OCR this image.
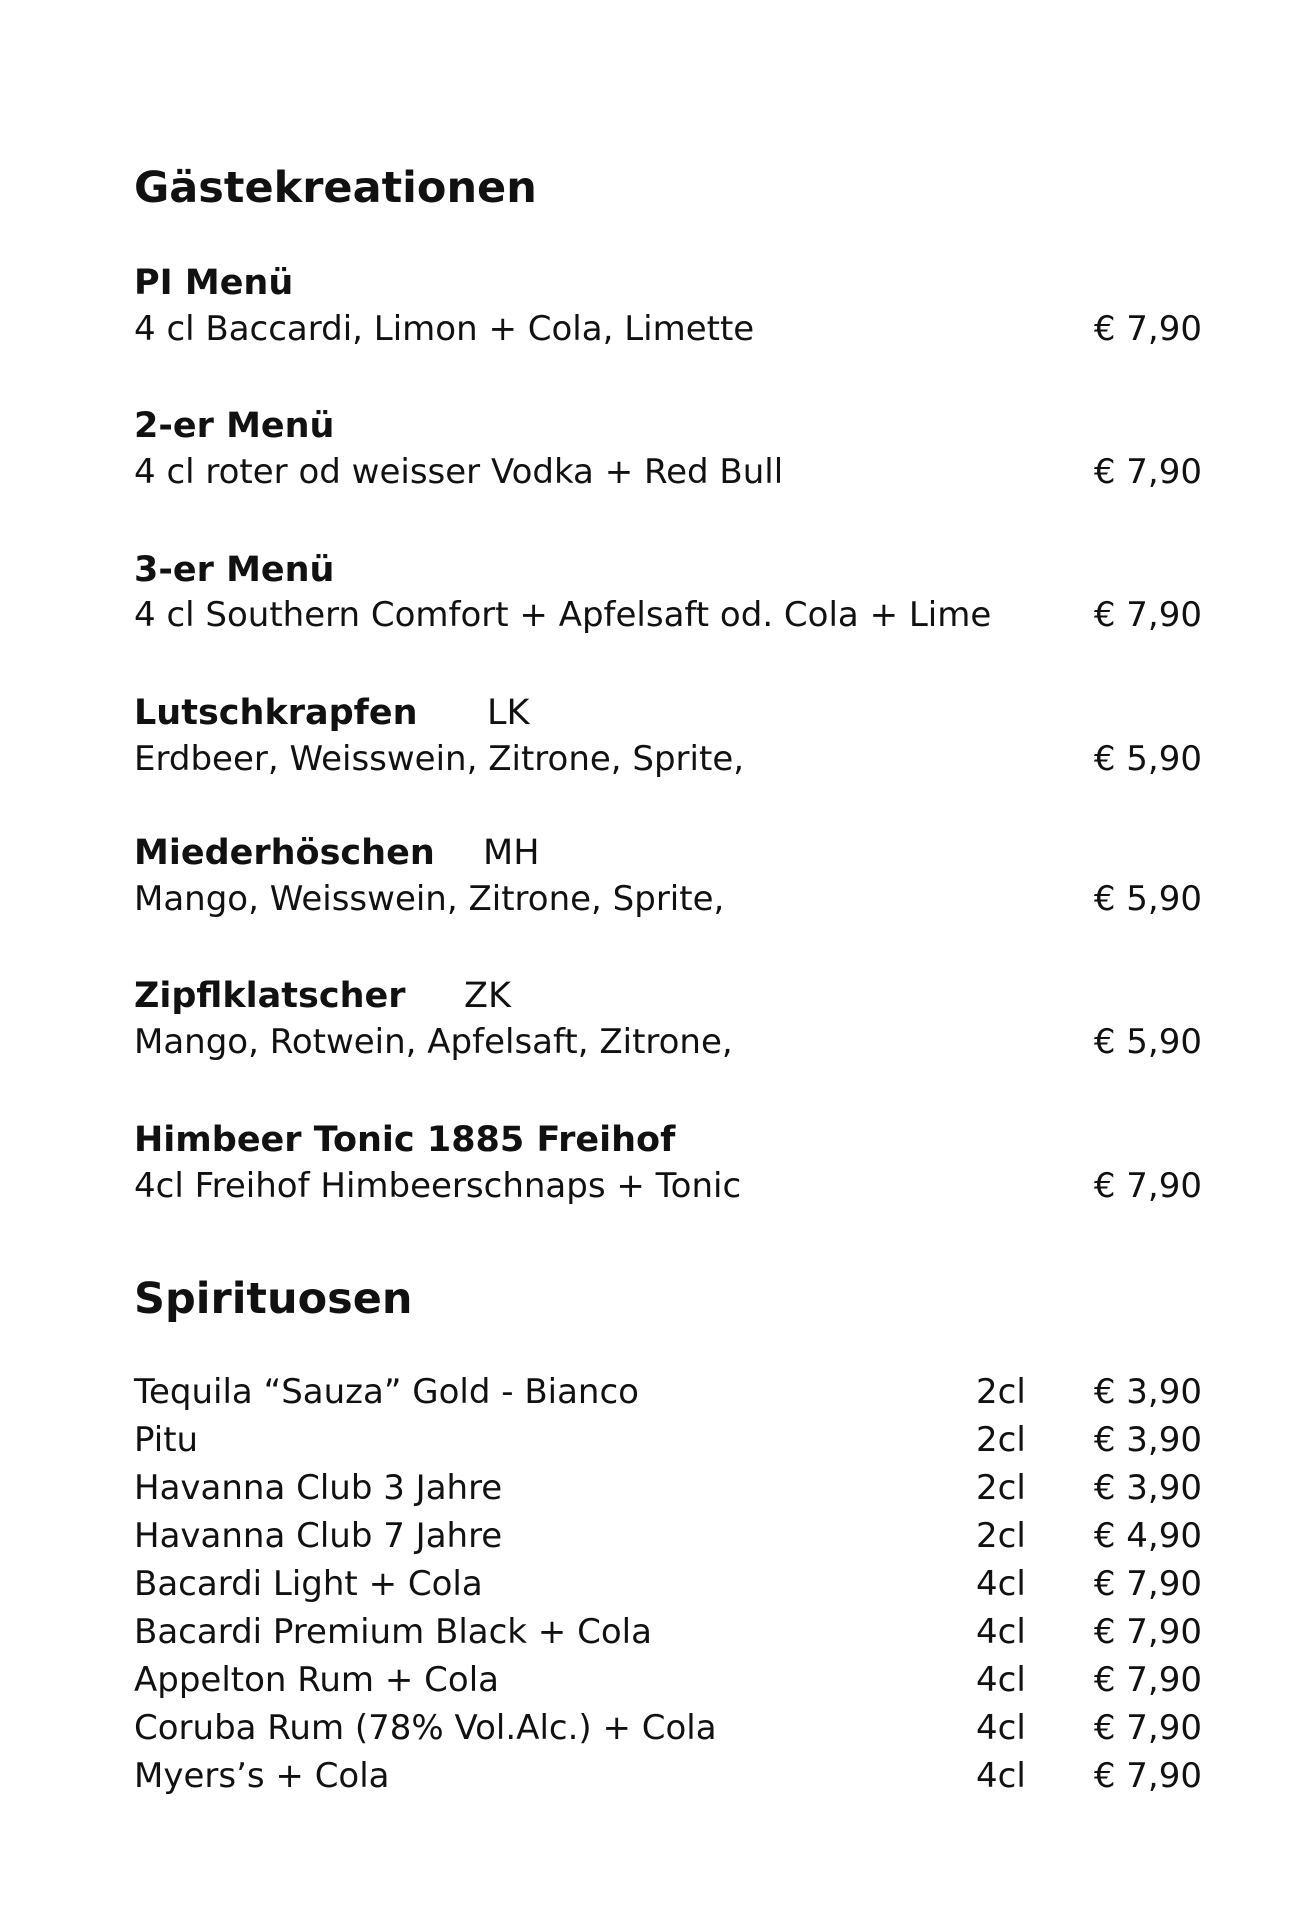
Gästekreationen
PI Menü
4 cl Baccardi, Limon + Cola, Limette	€ 7,90
2-er Menü
4 cl roter od weisser Vodka + Red Bull	€ 7,90
3-er Menü
4 cl Southern Comfort + Apfelsaft od. Cola + Lime	€ 7,90
Lutschkrapfen LK
Erdbeer, Weisswein, Zitrone, Sprite,	€ 5,90
Miederhöschen MH
Mango, Weisswein, Zitrone, Sprite,	€ 5,90
Zipflklatscher ZK
Mango, Rotwein, Apfelsaft, Zitrone,	€ 5,90
Himbeer Tonic 1885 Freihof
4cl Freihof Himbeerschnaps + Tonic	€ 7,90
Spirituosen
Tequila “Sauza” Gold - Bianco	2cl € 3,90
Pitu	2cl € 3,90
Havanna Club 3 Jahre	2cl € 3,90
Havanna Club 7 Jahre	2cl € 4,90
Bacardi Light + Cola	4cl € 7,90
Bacardi Premium Black + Cola	4cl € 7,90
Appelton Rum + Cola	4cl € 7,90
Coruba Rum (78% Vol.Alc.) + Cola	4cl € 7,90
Myers’s + Cola	4cl € 7,90
